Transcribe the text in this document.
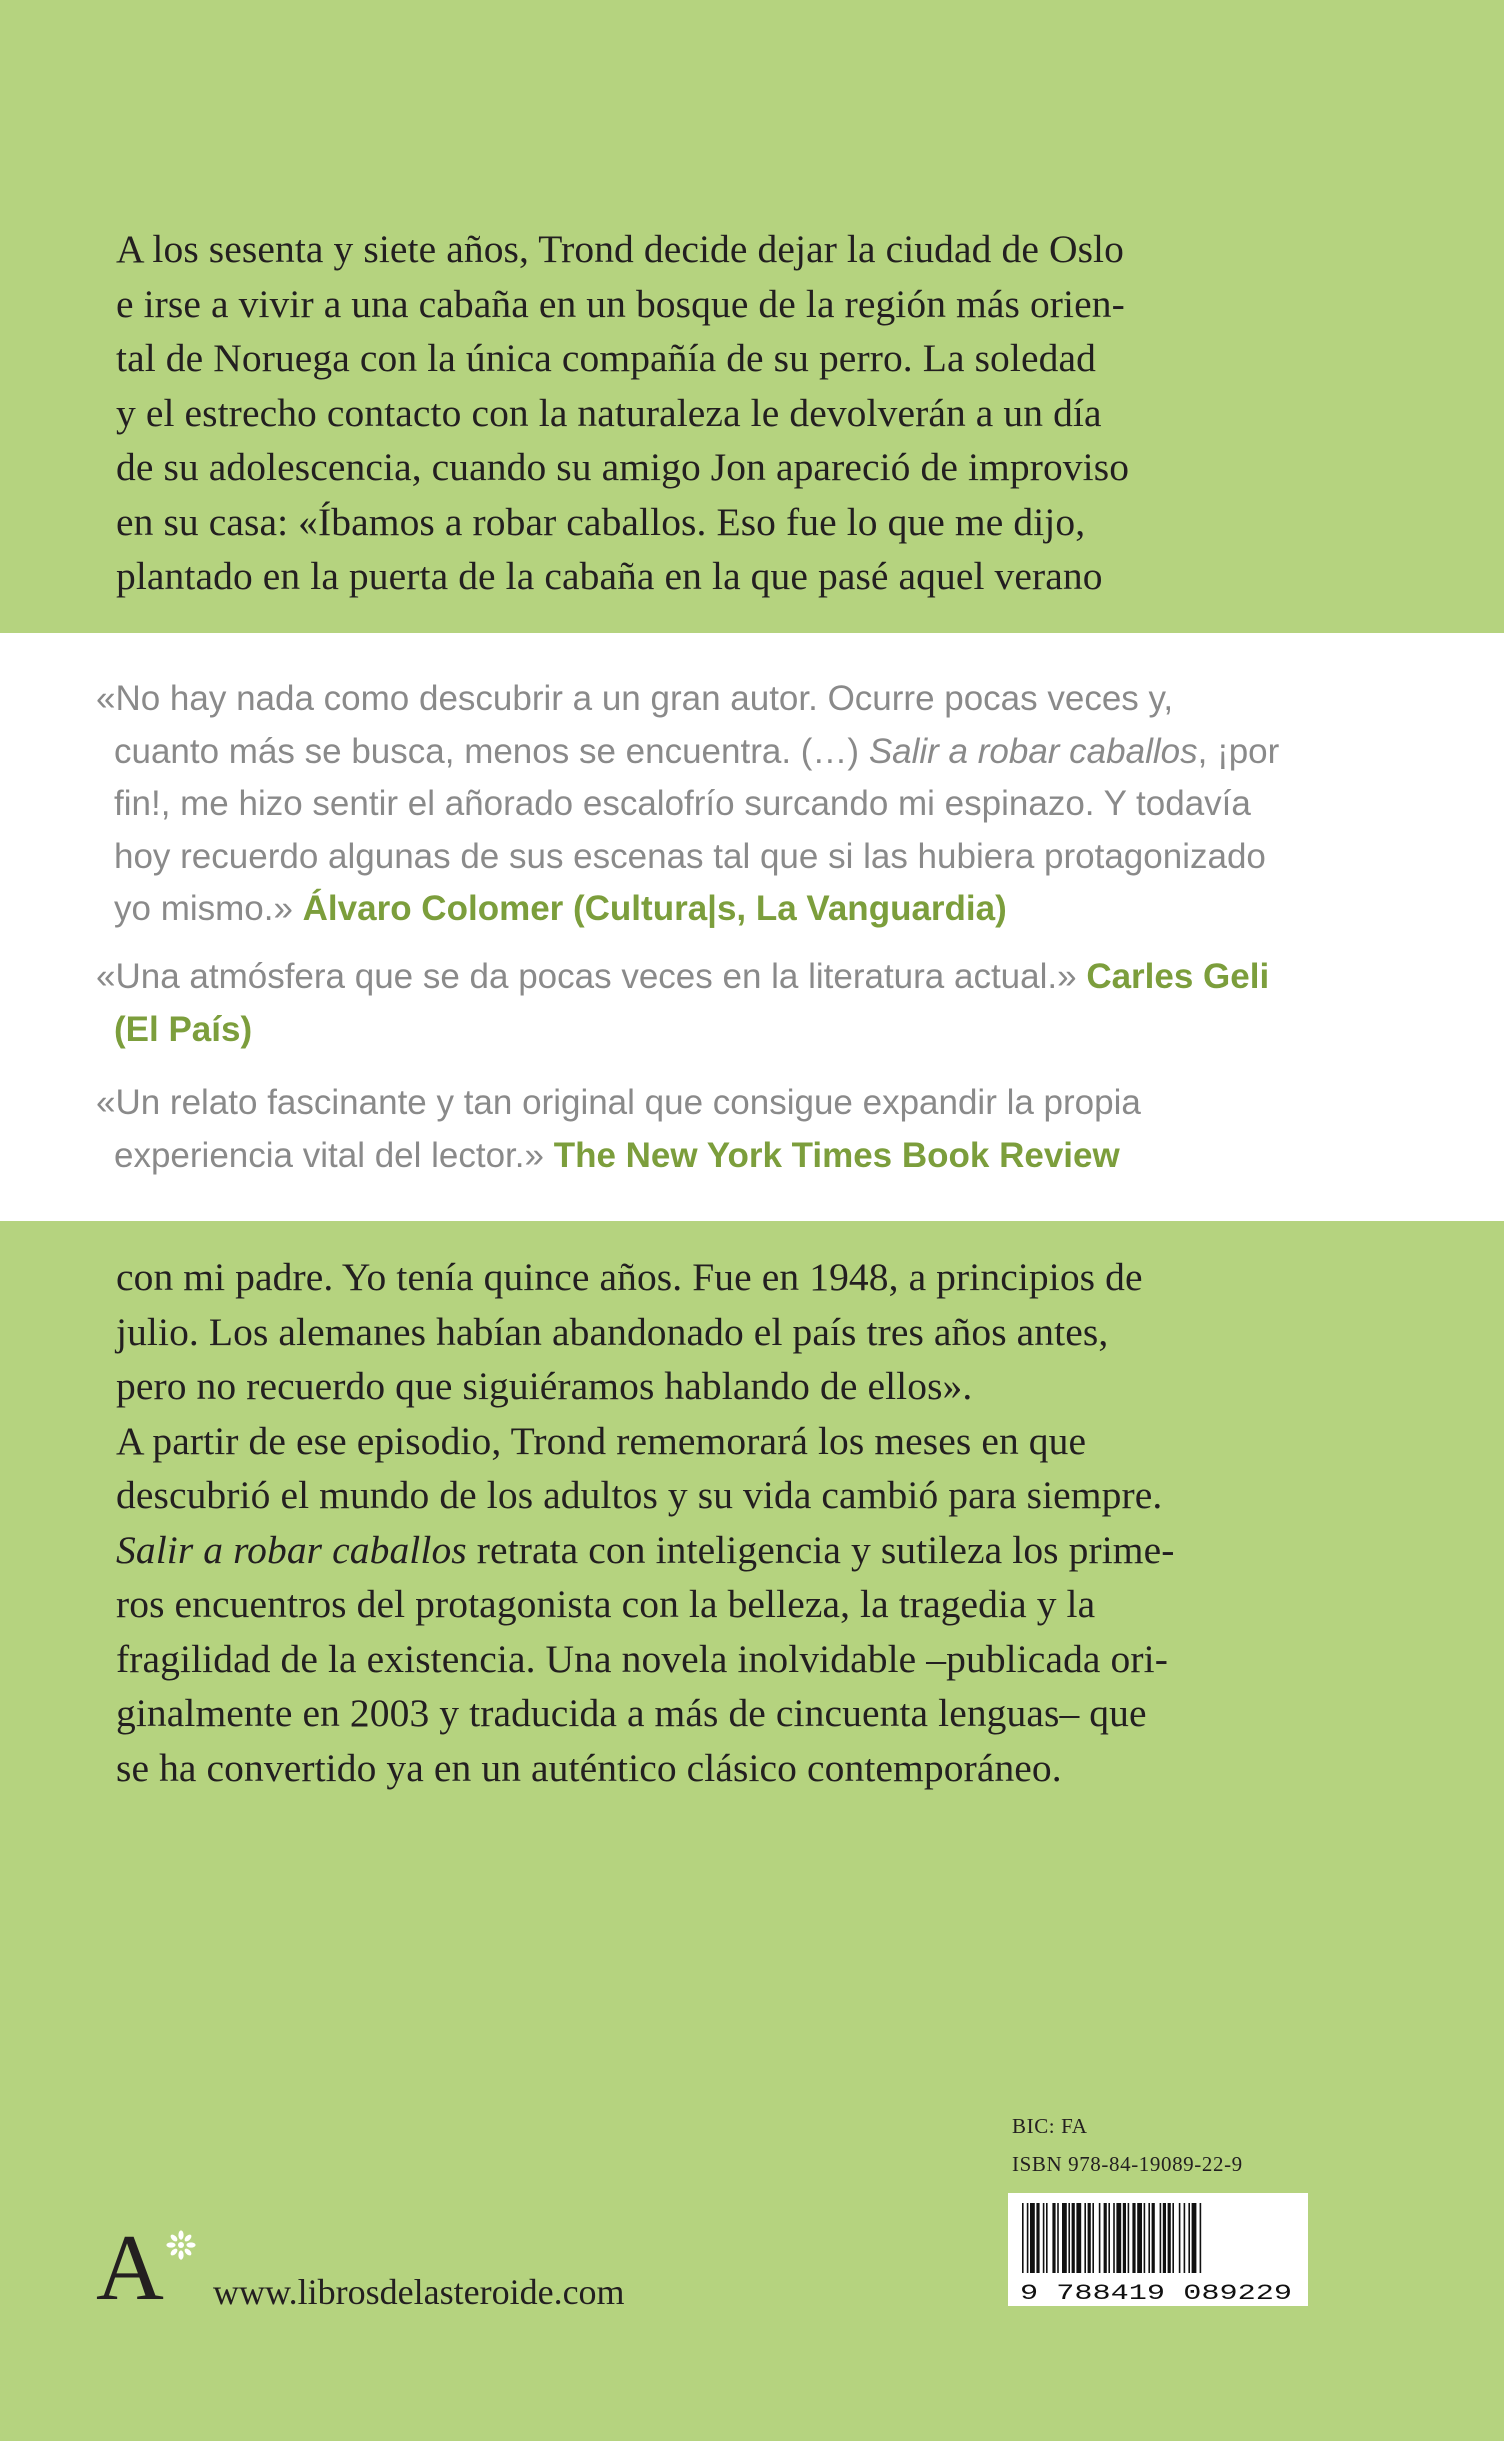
A los sesenta y siete años, Trond decide dejar la ciudad de Oslo
e irse a vivir a una cabaña en un bosque de la región más orien-
tal de Noruega con la única compañía de su perro. La soledad
y el estrecho contacto con la naturaleza le devolverán a un día
de su adolescencia, cuando su amigo Jon apareció de improviso
en su casa: «Íbamos a robar caballos. Eso fue lo que me dijo,
plantado en la puerta de la cabaña en la que pasé aquel verano
«No hay nada como descubrir a un gran autor. Ocurre pocas veces y,
cuanto más se busca, menos se encuentra. (…) Salir a robar caballos, ¡por
fin!, me hizo sentir el añorado escalofrío surcando mi espinazo. Y todavía
hoy recuerdo algunas de sus escenas tal que si las hubiera protagonizado
yo mismo.» Álvaro Colomer (Cultura|s, La Vanguardia)
«Una atmósfera que se da pocas veces en la literatura actual.» Carles Geli
(El País)
«Un relato fascinante y tan original que consigue expandir la propia
experiencia vital del lector.» The New York Times Book Review
con mi padre. Yo tenía quince años. Fue en 1948, a principios de
julio. Los alemanes habían abandonado el país tres años antes,
pero no recuerdo que siguiéramos hablando de ellos».
A partir de ese episodio, Trond rememorará los meses en que
descubrió el mundo de los adultos y su vida cambió para siempre.
Salir a robar caballos retrata con inteligencia y sutileza los prime-
ros encuentros del protagonista con la belleza, la tragedia y la
fragilidad de la existencia. Una novela inolvidable –publicada ori-
ginalmente en 2003 y traducida a más de cincuenta lenguas– que
se ha convertido ya en un auténtico clásico contemporáneo.
A www.librosdelasteroide.com
BIC: FA
ISBN 978-84-19089-22-9
9 788419 089229
